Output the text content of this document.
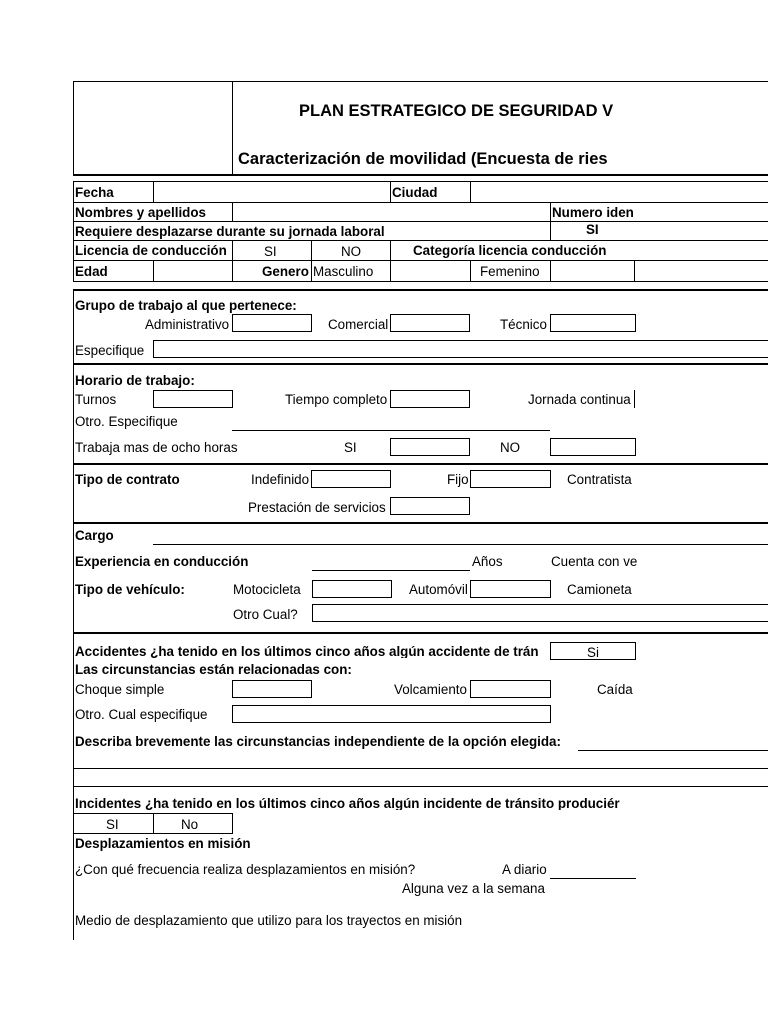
PLAN ESTRATEGICO DE SEGURIDAD V
Caracterización de movilidad (Encuesta de ries
Fecha	Ciudad
Nombres y apellidos	Numero iden
Requiere desplazarse durante su jornada laboral	SI
Licencia de conducción	SI	NO	Categoría licencia conducción
Edad	Genero Masculino	Femenino
Grupo de trabajo al que pertenece:
Administrativo	Comercial	Técnico
Especifique
Horario de trabajo:
Turnos	Tiempo completo	Jornada continua
Otro. Especifique
Trabaja mas de ocho horas	SI	NO
Tipo de contrato	Indefinido	Fijo	Contratista
Prestación de servicios
Cargo
Experiencia en conducción	Años	Cuenta con ve
Tipo de vehículo:	Motocicleta	Automóvil	Camioneta
Otro Cual?
Accidentes ¿ha tenido en los últimos cinco años algún accidente de trán	Si
Las circunstancias están relacionadas con:
Choque simple	Volcamiento	Caída
Otro. Cual especifique
Describa brevemente las circunstancias independiente de la opción elegida:
Incidentes ¿ha tenido en los últimos cinco años algún incidente de tránsito produciér
SI	No
Desplazamientos en misión
¿Con qué frecuencia realiza desplazamientos en misión?	A diario
Alguna vez a la semana
Medio de desplazamiento que utilizo para los trayectos en misión
